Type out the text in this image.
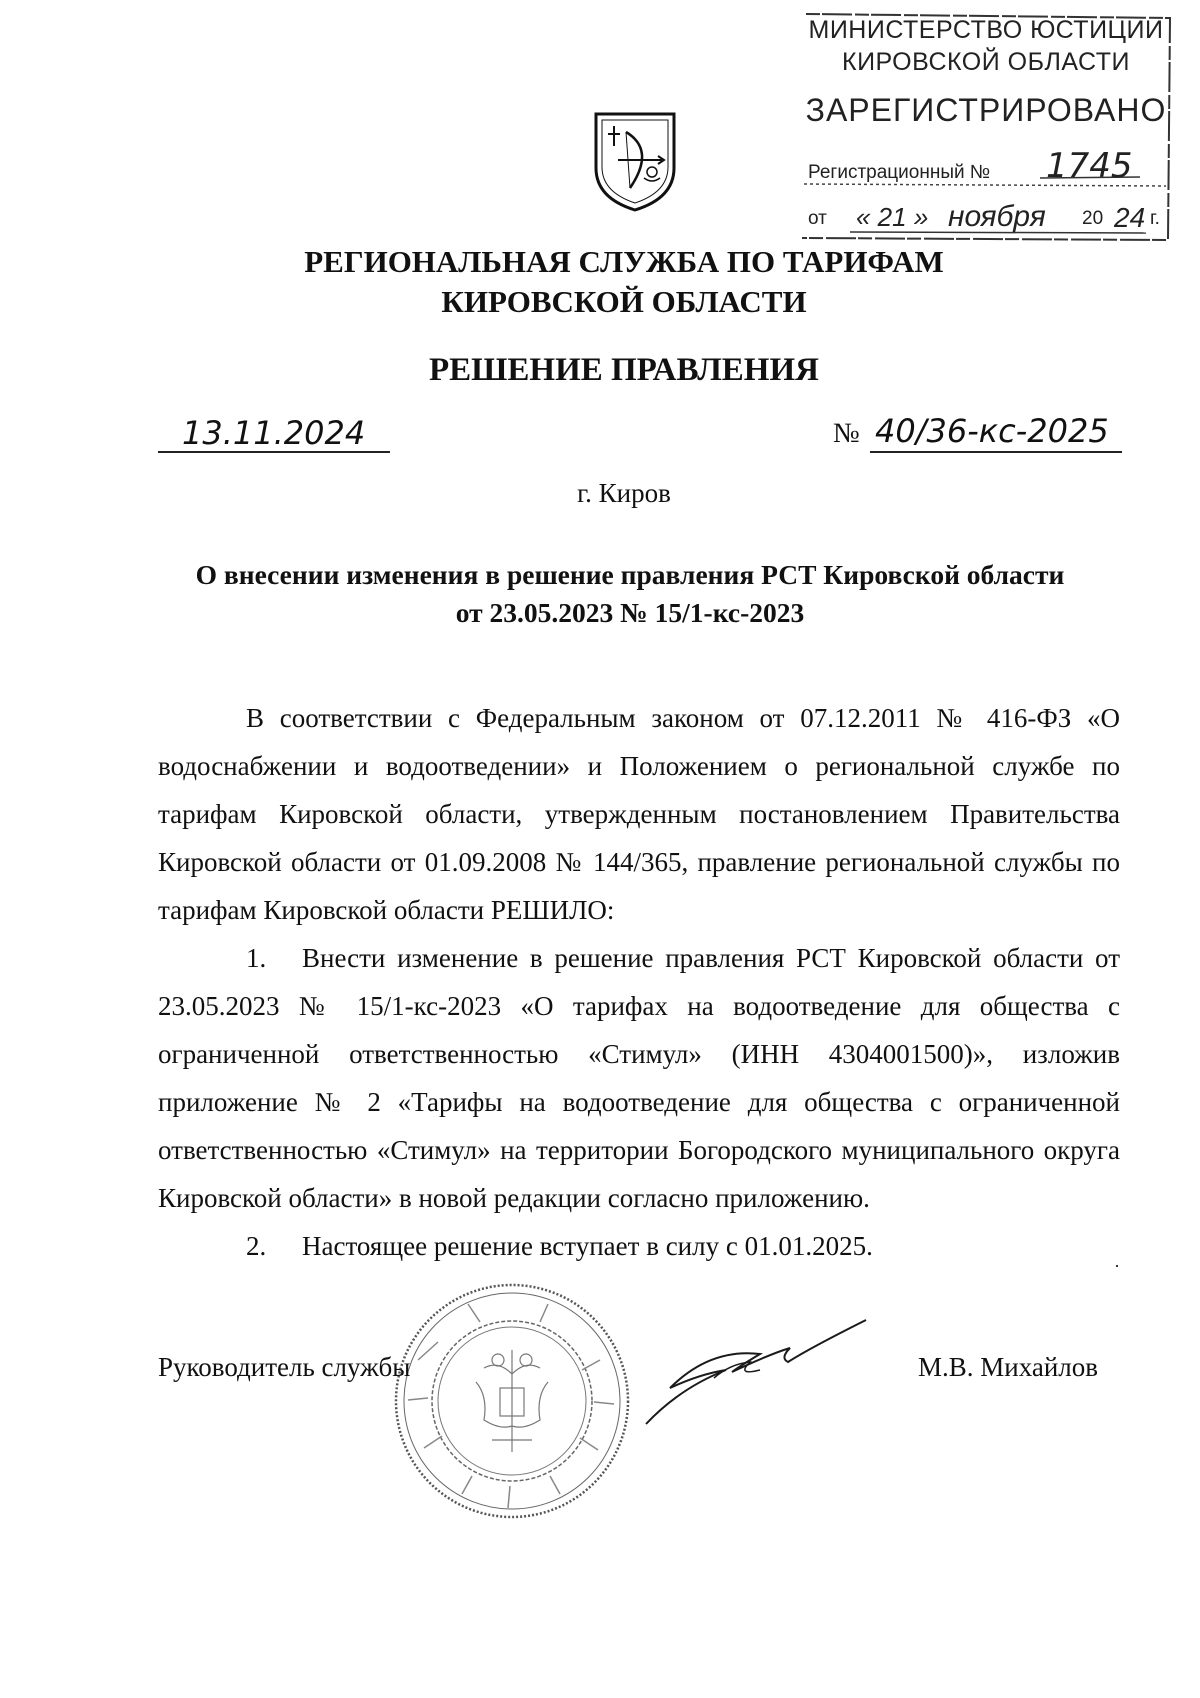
МИНИСТЕРСТВО ЮСТИЦИИ
КИРОВСКОЙ ОБЛАСТИ
ЗАРЕГИСТРИРОВАНО
Регистрационный № 1745
от « 21 » ноября 20 24 г.
РЕГИОНАЛЬНАЯ СЛУЖБА ПО ТАРИФАМ
КИРОВСКОЙ ОБЛАСТИ
РЕШЕНИЕ ПРАВЛЕНИЯ
13.11.2024	№ 40/36-кс-2025
г. Киров
О внесении изменения в решение правления РСТ Кировской области от 23.05.2023 № 15/1-кс-2023
В соответствии с Федеральным законом от 07.12.2011 № 416-ФЗ «О водоснабжении и водоотведении» и Положением о региональной службе по тарифам Кировской области, утвержденным постановлением Правительства Кировской области от 01.09.2008 № 144/365, правление региональной службы по тарифам Кировской области РЕШИЛО:
1. Внести изменение в решение правления РСТ Кировской области от 23.05.2023 № 15/1-кс-2023 «О тарифах на водоотведение для общества с ограниченной ответственностью «Стимул» (ИНН 4304001500)», изложив приложение № 2 «Тарифы на водоотведение для общества с ограниченной ответственностью «Стимул» на территории Богородского муниципального округа Кировской области» в новой редакции согласно приложению.
2. Настоящее решение вступает в силу с 01.01.2025.
Руководитель службы	М.В. Михайлов
·
